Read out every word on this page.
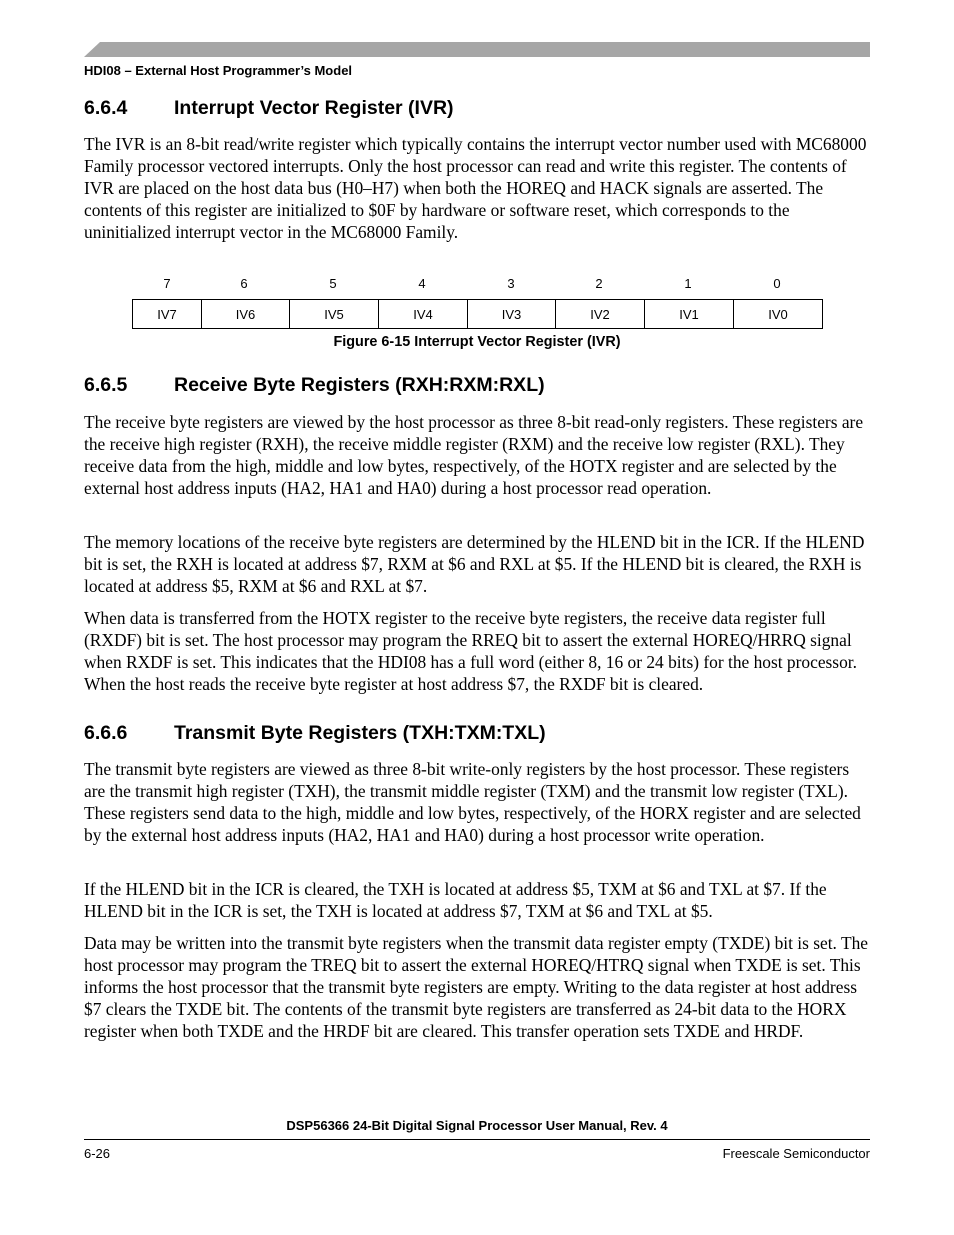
HDI08 – External Host Programmer’s Model
6.6.4 Interrupt Vector Register (IVR)

The IVR is an 8-bit read/write register which typically contains the interrupt vector number used with MC68000 Family processor vectored interrupts. Only the host processor can read and write this register. The contents of IVR are placed on the host data bus (H0–H7) when both the HOREQ and HACK signals are asserted. The contents of this register are initialized to $0F by hardware or software reset, which corresponds to the uninitialized interrupt vector in the MC68000 Family.

7	6	5	4	3	2	1	0
IV7	IV6	IV5	IV4	IV3	IV2	IV1	IV0
Figure 6-15 Interrupt Vector Register (IVR)
6.6.5 Receive Byte Registers (RXH:RXM:RXL)

The receive byte registers are viewed by the host processor as three 8-bit read-only registers. These registers are the receive high register (RXH), the receive middle register (RXM) and the receive low register (RXL). They receive data from the high, middle and low bytes, respectively, of the HOTX register and are selected by the external host address inputs (HA2, HA1 and HA0) during a host processor read operation.

The memory locations of the receive byte registers are determined by the HLEND bit in the ICR. If the HLEND bit is set, the RXH is located at address $7, RXM at $6 and RXL at $5. If the HLEND bit is cleared, the RXH is located at address $5, RXM at $6 and RXL at $7.

When data is transferred from the HOTX register to the receive byte registers, the receive data register full (RXDF) bit is set. The host processor may program the RREQ bit to assert the external HOREQ/HRRQ signal when RXDF is set. This indicates that the HDI08 has a full word (either 8, 16 or 24 bits) for the host processor. When the host reads the receive byte register at host address $7, the RXDF bit is cleared.

6.6.6 Transmit Byte Registers (TXH:TXM:TXL)

The transmit byte registers are viewed as three 8-bit write-only registers by the host processor. These registers are the transmit high register (TXH), the transmit middle register (TXM) and the transmit low register (TXL). These registers send data to the high, middle and low bytes, respectively, of the HORX register and are selected by the external host address inputs (HA2, HA1 and HA0) during a host processor write operation.

If the HLEND bit in the ICR is cleared, the TXH is located at address $5, TXM at $6 and TXL at $7. If the HLEND bit in the ICR is set, the TXH is located at address $7, TXM at $6 and TXL at $5.

Data may be written into the transmit byte registers when the transmit data register empty (TXDE) bit is set. The host processor may program the TREQ bit to assert the external HOREQ/HTRQ signal when TXDE is set. This informs the host processor that the transmit byte registers are empty. Writing to the data register at host address $7 clears the TXDE bit. The contents of the transmit byte registers are transferred as 24-bit data to the HORX register when both TXDE and the HRDF bit are cleared. This transfer operation sets TXDE and HRDF.

DSP56366 24-Bit Digital Signal Processor User Manual, Rev. 4
6-26	Freescale Semiconductor
